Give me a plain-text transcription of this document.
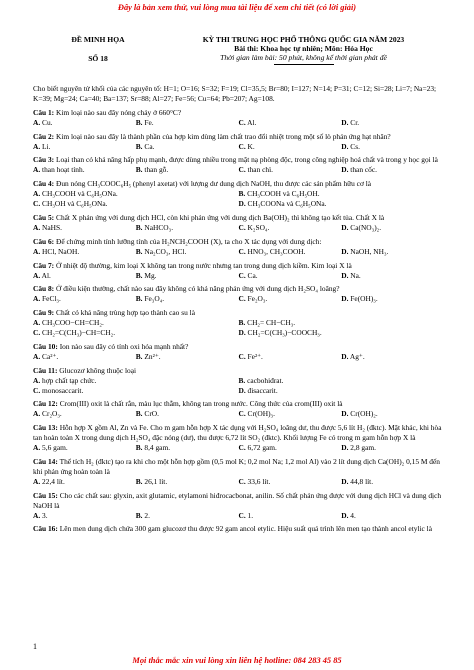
Đây là bản xem thử, vui lòng mua tài liệu để xem chi tiết (có lời giải)
ĐỀ MINH HỌA
SỐ 18
KỲ THI TRUNG HỌC PHỔ THÔNG QUỐC GIA NĂM 2023
Bài thi: Khoa học tự nhiên; Môn: Hóa Học
Thời gian làm bài: 50 phút, không kể thời gian phát đề

Cho biết nguyên tử khối của các nguyên tố: H=1; O=16; S=32; F=19; Cl=35,5; Br=80; I=127; N=14; P=31; C=12; Si=28; Li=7; Na=23; K=39; Mg=24; Ca=40; Ba=137; Sr=88; Al=27; Fe=56; Cu=64; Pb=207; Ag=108.

Câu 1: Kim loại nào sau đây nóng chảy ở 660°C?
A. Cu.	B. Fe.	C. Al.	D. Cr.
Câu 2: Kim loại nào sau đây là thành phần của hợp kim dùng làm chất trao đổi nhiệt trong một số lò phản ứng hạt nhân?
A. Li.	B. Ca.	C. K.	D. Cs.
Câu 3: Loại than có khả năng hấp phụ mạnh, được dùng nhiều trong mặt nạ phòng độc, trong công nghiệp hoá chất và trong y học gọi là
A. than hoạt tính.	B. than gỗ.	C. than chì.	D. than cốc.
Câu 4: Đun nóng CH₃COOC₆H₅ (phenyl axetat) với lượng dư dung dịch NaOH, thu được các sản phẩm hữu cơ là
A. CH₃COOH và C₆H₅ONa.	B. CH₃COOH và C₆H₅OH.
C. CH₃OH và C₆H₅ONa.	D. CH₃COONa và C₆H₅ONa.
Câu 5: Chất X phản ứng với dung dịch HCl, còn khi phản ứng với dung dịch Ba(OH)₂ thì không tạo kết tủa. Chất X là
A. NaHS.	B. NaHCO₃.	C. K₂SO₄.	D. Ca(NO₃)₂.
Câu 6: Để chứng minh tính lưỡng tính của H₂NCH₂COOH (X), ta cho X tác dụng với dung dịch:
A. HCl, NaOH.	B. Na₂CO₃, HCl.	C. HNO₃, CH₃COOH.	D. NaOH, NH₃.
Câu 7: Ở nhiệt độ thường, kim loại X không tan trong nước nhưng tan trong dung dịch kiềm. Kim loại X là
A. Al.	B. Mg.	C. Ca.	D. Na.
Câu 8: Ở điều kiện thường, chất nào sau đây không có khả năng phản ứng với dung dịch H₂SO₄ loãng?
A. FeCl₃.	B. Fe₃O₄.	C. Fe₂O₃.	D. Fe(OH)₃.
Câu 9: Chất có khả năng trùng hợp tạo thành cao su là
A. CH₃COO−CH=CH₂.	B. CH₂= CH−CH₃.
C. CH₂=C(CH₃)−CH=CH₂.	D. CH₂=C(CH₃)−COOCH₃.
Câu 10: Ion nào sau đây có tính oxi hóa mạnh nhất?
A. Ca²⁺.	B. Zn²⁺.	C. Fe²⁺.	D. Ag⁺.
Câu 11: Glucozơ không thuộc loại
A. hợp chất tạp chức.	B. cacbohiđrat.
C. monosaccarit.	D. đisaccarit.
Câu 12: Crom(III) oxit là chất rắn, màu lục thẫm, không tan trong nước. Công thức của crom(III) oxit là
A. Cr₂O₃.	B. CrO.	C. Cr(OH)₃.	D. Cr(OH)₂.
Câu 13: Hỗn hợp X gồm Al, Zn và Fe. Cho m gam hỗn hợp X tác dụng với H₂SO₄ loãng dư, thu được 5,6 lít H₂ (đktc). Mặt khác, khi hòa tan hoàn toàn X trong dung dịch H₂SO₄ đặc nóng (dư), thu được 6,72 lít SO₂ (đktc). Khối lượng Fe có trong m gam hỗn hợp X là
A. 5,6 gam.	B. 8,4 gam.	C. 6,72 gam.	D. 2,8 gam.
Câu 14: Thể tích H₂ (đktc) tạo ra khi cho một hỗn hợp gồm (0,5 mol K; 0,2 mol Na; 1,2 mol Al) vào 2 lít dung dịch Ca(OH)₂ 0,15 M đến khi phản ứng hoàn toàn là
A. 22,4 lít.	B. 26,1 lít.	C. 33,6 lít.	D. 44,8 lít.
Câu 15: Cho các chất sau: glyxin, axit glutamic, etylamoni hiđrocacbonat, anilin. Số chất phản ứng được với dung dịch HCl và dung dịch NaOH là
A. 3.	B. 2.	C. 1.	D. 4.
Câu 16: Lên men dung dịch chứa 300 gam glucozơ thu được 92 gam ancol etylic. Hiệu suất quá trình lên men tạo thành ancol etylic là
1
Mọi thắc mắc xin vui lòng xin liên hệ hotline: 084 283 45 85
